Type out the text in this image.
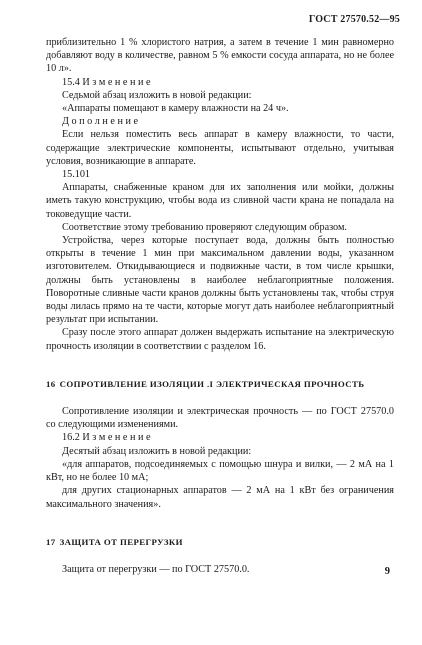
ГОСТ 27570.52—95

приблизительно 1 % хлористого натрия, а затем в течение 1 мин равномерно добавляют воду в количестве, равном 5 % емкости сосуда аппарата, но не более 10 л».

15.4 И з м е н е н и е

Седьмой абзац изложить в новой редакции:

«Аппараты помещают в камеру влажности на 24 ч».

Д о п о л н е н и е

Если нельзя поместить весь аппарат в камеру влажности, то части, содержащие электрические компоненты, испытывают отдельно, учитывая условия, возникающие в аппарате.

15.101

Аппараты, снабженные краном для их заполнения или мойки, должны иметь такую конструкцию, чтобы вода из сливной части крана не попадала на токоведущие части.

Соответствие этому требованию проверяют следующим образом.

Устройства, через которые поступает вода, должны быть полностью открыты в течение 1 мин при максимальном давлении воды, указанном изготовителем. Откидывающиеся и подвижные части, в том числе крышки, должны быть установлены в наиболее неблагоприятные положения. Поворотные сливные части кранов должны быть установлены так, чтобы струя воды лилась прямо на те части, которые могут дать наиболее неблагоприятный результат при испытании.

Сразу после этого аппарат должен выдержать испытание на электрическую прочность изоляции в соответствии с разделом 16.

16 СОПРОТИВЛЕНИЕ ИЗОЛЯЦИИ .І ЭЛЕКТРИЧЕСКАЯ ПРОЧНОСТЬ

Сопротивление изоляции и электрическая прочность — по ГОСТ 27570.0 со следующими изменениями.

16.2 И з м е н е н и е

Десятый абзац изложить в новой редакции:

«для аппаратов, подсоединяемых с помощью шнура и вилки, — 2 мА на 1 кВт, но не более 10 мА;

для других стационарных аппаратов — 2 мА на 1 кВт без ограничения максимального значения».

17 ЗАЩИТА ОТ ПЕРЕГРУЗКИ

Защита от перегрузки — по ГОСТ 27570.0.	9
